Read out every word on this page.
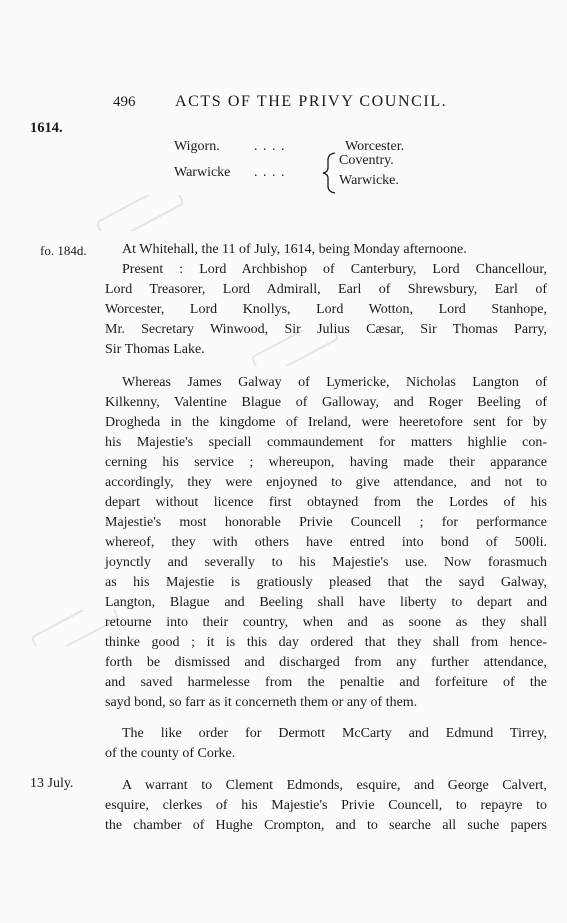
496 ACTS OF THE PRIVY COUNCIL.
1614.
Wigorn. . . . .	Worcester.
Warwicke . . . .
Coventry.
Warwicke.
fo. 184d.
13 July.
At Whitehall, the 11 of July, 1614, being Monday afternoone.
Present : Lord Archbishop of Canterbury, Lord Chancellour,
Lord Treasorer, Lord Admirall, Earl of Shrewsbury, Earl of
Worcester, Lord Knollys, Lord Wotton, Lord Stanhope,
Mr. Secretary Winwood, Sir Julius Cæsar, Sir Thomas Parry,
Sir Thomas Lake.
Whereas James Galway of Lymericke, Nicholas Langton of
Kilkenny, Valentine Blague of Galloway, and Roger Beeling of
Drogheda in the kingdome of Ireland, were heeretofore sent for by
his Majestie's speciall commaundement for matters highlie con-
cerning his service ; whereupon, having made their apparance
accordingly, they were enjoyned to give attendance, and not to
depart without licence first obtayned from the Lordes of his
Majestie's most honorable Privie Councell ; for performance
whereof, they with others have entred into bond of 500li.
joynctly and severally to his Majestie's use. Now forasmuch
as his Majestie is gratiously pleased that the sayd Galway,
Langton, Blague and Beeling shall have liberty to depart and
retourne into their country, when and as soone as they shall
thinke good ; it is this day ordered that they shall from hence-
forth be dismissed and discharged from any further attendance,
and saved harmelesse from the penaltie and forfeiture of the
sayd bond, so farr as it concerneth them or any of them.
The like order for Dermott McCarty and Edmund Tirrey,
of the county of Corke.
A warrant to Clement Edmonds, esquire, and George Calvert,
esquire, clerkes of his Majestie's Privie Councell, to repayre to
the chamber of Hughe Crompton, and to searche all suche papers
